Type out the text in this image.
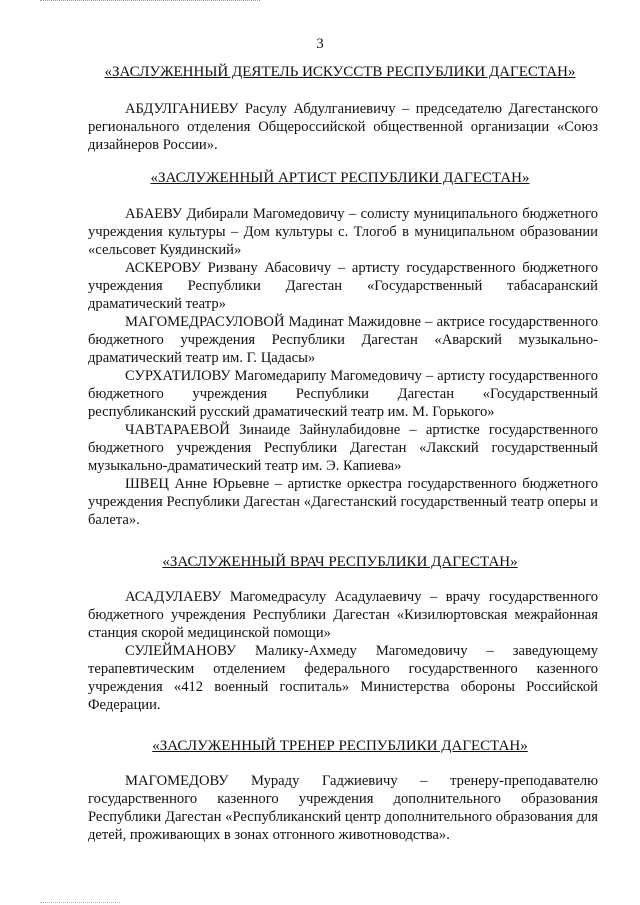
3
«ЗАСЛУЖЕННЫЙ ДЕЯТЕЛЬ ИСКУССТВ РЕСПУБЛИКИ ДАГЕСТАН»

АБДУЛГАНИЕВУ Расулу Абдулганиевичу – председателю Дагестанского регионального отделения Общероссийской общественной организации «Союз дизайнеров России».

«ЗАСЛУЖЕННЫЙ АРТИСТ РЕСПУБЛИКИ ДАГЕСТАН»

АБАЕВУ Дибирали Магомедовичу – солисту муниципального бюджетного учреждения культуры – Дом культуры с. Тлогоб в муниципальном образовании «сельсовет Куядинский»

АСКЕРОВУ Ризвану Абасовичу – артисту государственного бюджетного учреждения Республики Дагестан «Государственный табасаранский драматический театр»

МАГОМЕДРАСУЛОВОЙ Мадинат Мажидовне – актрисе государственного бюджетного учреждения Республики Дагестан «Аварский музыкально-драматический театр им. Г. Цадасы»

СУРХАТИЛОВУ Магомедарипу Магомедовичу – артисту государственного бюджетного учреждения Республики Дагестан «Государственный республиканский русский драматический театр им. М. Горького»

ЧАВТАРАЕВОЙ Зинаиде Зайнулабидовне – артистке государственного бюджетного учреждения Республики Дагестан «Лакский государственный музыкально-драматический театр им. Э. Капиева»

ШВЕЦ Анне Юрьевне – артистке оркестра государственного бюджетного учреждения Республики Дагестан «Дагестанский государственный театр оперы и балета».

«ЗАСЛУЖЕННЫЙ ВРАЧ РЕСПУБЛИКИ ДАГЕСТАН»

АСАДУЛАЕВУ Магомедрасулу Асадулаевичу – врачу государственного бюджетного учреждения Республики Дагестан «Кизилюртовская межрайонная станция скорой медицинской помощи»

СУЛЕЙМАНОВУ Малику-Ахмеду Магомедовичу – заведующему терапевтическим отделением федерального государственного казенного учреждения «412 военный госпиталь» Министерства обороны Российской Федерации.

«ЗАСЛУЖЕННЫЙ ТРЕНЕР РЕСПУБЛИКИ ДАГЕСТАН»

МАГОМЕДОВУ Мураду Гаджиевичу – тренеру-преподавателю государственного казенного учреждения дополнительного образования Республики Дагестан «Республиканский центр дополнительного образования для детей, проживающих в зонах отгонного животноводства».
